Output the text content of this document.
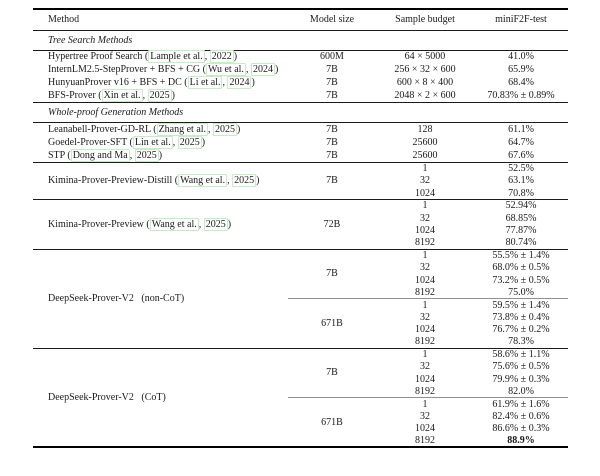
Method	Model size	Sample budget	miniF2F-test
Tree Search Methods			
Hypertree Proof Search ( Lample et al. , 2022 )	600M	64 × 5000	41.0%
InternLM2.5-StepProver + BFS + CG ( Wu et al. , 2024 )	7B	256 × 32 × 600	65.9%
HunyuanProver v16 + BFS + DC ( Li et al. , 2024 )	7B	600 × 8 × 400	68.4%
BFS-Prover ( Xin et al. , 2025 )	7B	2048 × 2 × 600	70.83% ± 0.89%
Whole-proof Generation Methods			
Leanabell-Prover-GD-RL ( Zhang et al. , 2025 )	7B	128	61.1%
Goedel-Prover-SFT ( Lin et al. , 2025 )	7B	25600	64.7%
STP ( Dong and Ma , 2025 )	7B	25600	67.6%
Kimina-Prover-Preview-Distill ( Wang et al. , 2025 )	7B	1	52.5%
		32	63.1%
		1024	70.8%
Kimina-Prover-Preview ( Wang et al. , 2025 )	72B	1	52.94%
		32	68.85%
		1024	77.87%
		8192	80.74%
DeepSeek-Prover-V2   (non-CoT)	7B	1	55.5% ± 1.4%
		32	68.0% ± 0.5%
		1024	73.2% ± 0.5%
		8192	75.0%
	671B	1	59.5% ± 1.4%
		32	73.8% ± 0.4%
		1024	76.7% ± 0.2%
		8192	78.3%
DeepSeek-Prover-V2   (CoT)	7B	1	58.6% ± 1.1%
		32	75.6% ± 0.5%
		1024	79.9% ± 0.3%
		8192	82.0%
	671B	1	61.9% ± 1.6%
		32	82.4% ± 0.6%
		1024	86.6% ± 0.3%
		8192	88.9%
